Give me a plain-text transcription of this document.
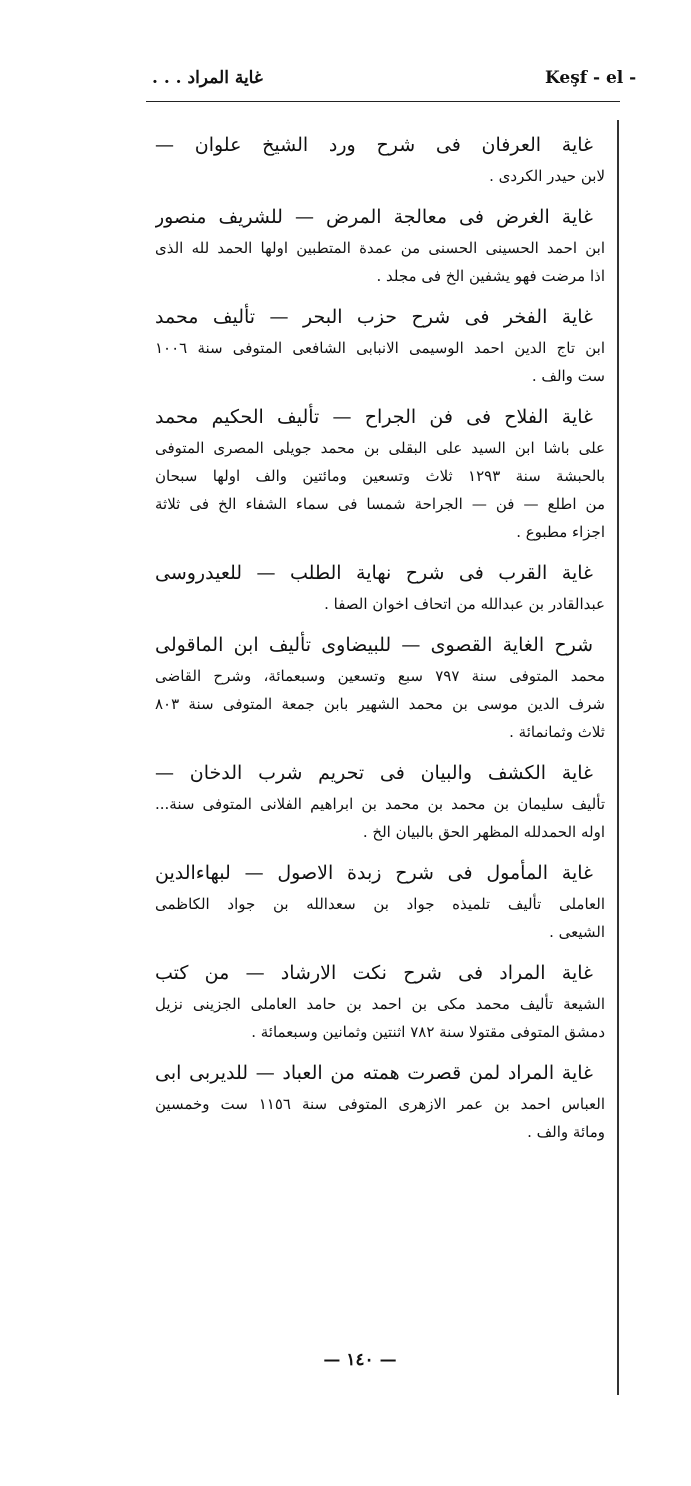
غاية المراد . . .	Keşf - el -
غاية العرفان فى شرح ورد الشيخ علوان —
لابن حيدر الكردى .
غاية الغرض فى معالجة المرض — للشريف منصور
ابن احمد الحسينى الحسنى من عمدة المتطبين اولها الحمد لله الذى
اذا مرضت فهو يشفين الخ فى مجلد .
غاية الفخر فى شرح حزب البحر — تأليف محمد
ابن تاج الدين احمد الوسيمى الانبابى الشافعى المتوفى سنة ١٠٠٦
ست والف .
غاية الفلاح فى فن الجراح — تأليف الحكيم محمد
على باشا ابن السيد على البقلى بن محمد جويلى المصرى المتوفى
بالحبشة سنة ١٢٩٣ ثلاث وتسعين ومائتين والف اولها سبحان
من اطلع — فن — الجراحة شمسا فى سماء الشفاء الخ فى ثلاثة
اجزاء مطبوع .
غاية القرب فى شرح نهاية الطلب — للعيدروسى
عبدالقادر بن عبدالله من اتحاف اخوان الصفا .
شرح الغاية القصوى — للبيضاوى تأليف ابن الماقولى
محمد المتوفى سنة ٧٩٧ سبع وتسعين وسبعمائة، وشرح القاضى
شرف الدين موسى بن محمد الشهير بابن جمعة المتوفى سنة ٨٠٣
ثلاث وثمانمائة .
غاية الكشف والبيان فى تحريم شرب الدخان —
تأليف سليمان بن محمد بن محمد بن ابراهيم الفلانى المتوفى سنة...
اوله الحمدلله المظهر الحق بالبيان الخ .
غاية المأمول فى شرح زبدة الاصول — لبهاءالدين
العاملى تأليف تلميذه جواد بن سعدالله بن جواد الكاظمى
الشيعى .
غاية المراد فى شرح نكت الارشاد — من كتب
الشيعة تأليف محمد مكى بن احمد بن حامد العاملى الجزينى نزيل
دمشق المتوفى مقتولا سنة ٧٨٢ اثنتين وثمانين وسبعمائة .
غاية المراد لمن قصرت همته من العباد — للديربى ابى
العباس احمد بن عمر الازهرى المتوفى سنة ١١٥٦ ست وخمسين
ومائة والف .
— ١٤٠ —
